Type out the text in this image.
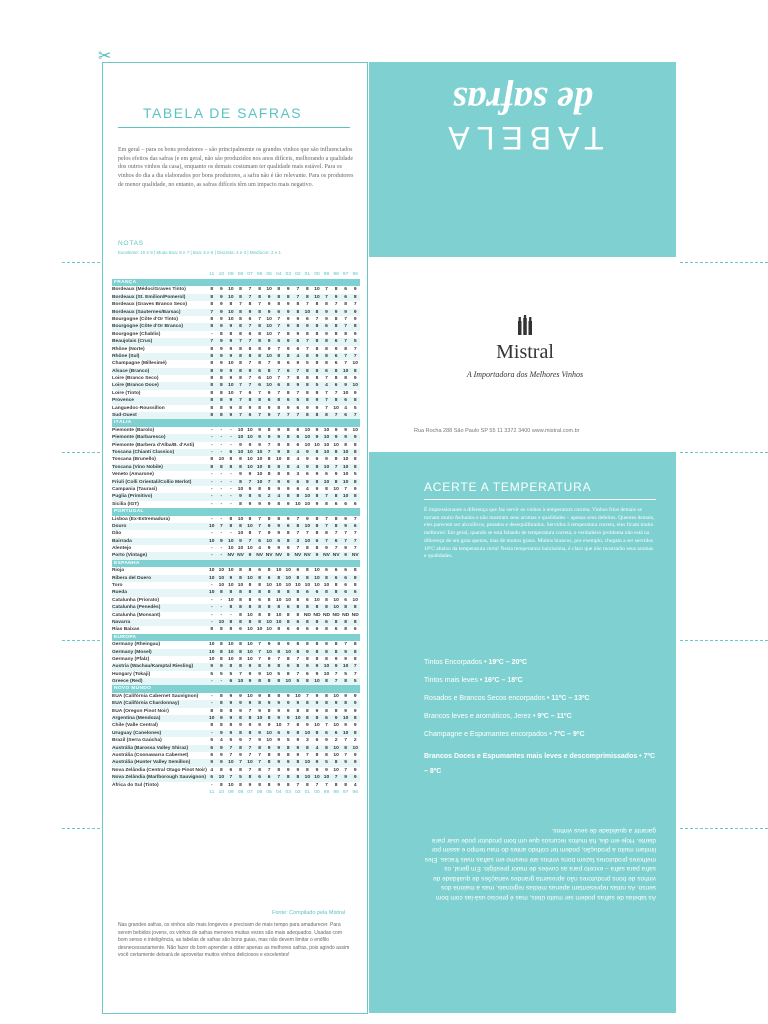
✂
TABELA DE SAFRAS
Em geral – para os bons produtores – são principalmente os grandes vinhos que são influenciados pelos efeitos das safras (e em geral, não são produzidos nos anos difíceis, melhorando a qualidade dos outros vinhos da casa), enquanto os demais costumam ter qualidade mais estável. Para os vinhos do dia a dia elaborados por bons produtores, a safra não é tão relevante. Para os produtores de menor qualidade, no entanto, as safras difíceis têm um impacto mais negativo.
NOTAS
Excelente: 10 e 9 | Muito Boa: 8 e 7 | Boa: 6 e 5 | Discreta: 4 e 3 | Medíocre: 2 e 1
11 10 09 08 07 06 05 04 03 02 01 00 99 98 97 96
FRANÇA
Bordeaux (Médoc/Graves Tinto)	8	9	10	8	7	8	10	8	9	7	8	10	7	8	6	9
Bordeaux (St. Emilion/Pomerol)	8	9	10	8	7	8	9	8	8	7	8	10	7	9	6	8
Bordeaux (Graves Branco Seco)	8	9	8	7	8	7	9	8	9	8	7	8	8	7	8	7
Bordeaux (Sauternes/Barsac)	7	9	10	8	9	8	9	6	9	8	10	8	9	9	9	9
Bourgogne (Côte d'Or Tinto)	8	9	10	8	6	7	10	7	9	9	6	7	9	8	7	9
Bourgogne (Côte d'Or Branco)	8	9	9	8	7	8	10	7	9	8	9	8	6	8	7	8
Bourgogne (Chablis)	-	8	8	8	6	8	10	7	8	9	8	8	9	8	8	9
Beaujolais (Crus)	7	9	9	7	7	8	9	6	9	6	7	8	8	6	7	5
Rhône (Norte)	8	9	9	8	8	8	9	7	9	6	7	8	8	9	8	7
Rhône (Sul)	8	9	9	8	8	8	10	8	8	4	8	9	8	6	7	7
Champagne (Millesimé)	8	9	10	8	7	8	7	8	6	9	5	8	8	6	7	10
Alsace (Branco)	8	9	9	8	9	6	8	7	6	7	8	8	6	8	10	8
Loire (Branco Seco)	8	8	9	8	7	6	10	7	7	8	8	8	7	8	8	9
Loire (Branco Doce)	8	8	10	7	7	6	10	6	8	9	8	5	4	6	9	10
Loire (Tinto)	8	8	10	7	6	7	9	7	8	7	8	8	7	7	10	9
Provence	8	8	9	7	8	8	6	8	6	5	8	9	7	8	6	8
Languedoc-Roussillon	8	8	9	8	9	8	9	8	9	6	9	9	7	10	4	5
Sud-Ouest	8	8	9	7	6	7	9	7	7	7	8	8	8	7	6	7
ITÁLIA
Piemonte (Barolo)	-	-	-	10 10	9	8	9	8	6	10	9	10	9	9	10
Piemonte (Barbaresco)	-	-	-	10 10	9	9	9	8	6	10	9	10	9	9	9
Piemonte (Barbera d'Alba/B. d'Asti)	-	-	-	9	9	9	7	8	8	6	10 10 10 10	8	8
Toscana (Chianti Classico)	-	-	6	10 10 10	7	9	8	4	9	8	10	8	10	8
Toscana (Brunello)	8	10	8	8	10 10	8	10	8	4	9	6	9	8	10	8
Toscana (Vino Nobile)	8	8	8	8	10 10	8	8	8	4	9	8	10	7	10	8
Veneto (Amarone)	-	-	-	9	9	10	8	8	8	3	6	9	6	9	10	5
Friuli (Colli Orientali/Collio Merlot)	-	-	-	8	7	10	7	9	9	6	8	8	10	8	10	8
Campania (Taurasi)	-	-	-	10	9	8	8	9	9	6	4	9	8	10	7	9
Puglia (Primitivo)	-	-	-	9	8	5	2	4	8	8	10	8	7	8	10	8
Sicilia (IGT)	-	-	-	8	9	9	9	8	9	10 10	9	8	6	6	6
PORTUGAL
Lisboa (Ex-Estremadura)	-	-	8	10	8	7	8	8	9	7	9	8	7	8	9	7
Douro	10	7	8	8	10	7	9	9	6	8	10	8	7	8	9	6
Dão	-	-	-	10	8	7	9	9	8	7	7	8	8	7	7	7
Bairrada	10	9	10	9	7	6	10	6	8	3	10	6	7	6	7	7
Alentejo	-	-	10 10 10	4	9	9	9	7	8	8	9	7	9	7
Porto (Vintage)	-	-	NV NV 9 NV NV NV 9 NV NV 9 NV NV 9 NV
ESPANHA
Rioja	10 10 10	8	8	6	8	10 10	6	8	10	6	6	6	8
Ribera del Duero	10 10	9	8	10	8	6	8	10	8	8	10	8	6	6	8
Toro	-	10 10 10	8	8	10 10 10 10 10 10 10	8	6	8
Rueda	10	8	8	8	8	8	8	8	8	8	6	6	8	8	6	6
Catalunha (Priorato)	-	-	10	8	8	6	8	10 10	8	6	10	8	10	6	10
Catalunha (Penedès)	-	-	8	8	8	8	8	8	6	8	8	8	8	10	8	8
Catalunha (Monsant)	-	-	-	8	10	8	8	10	8	8 ND ND ND ND ND ND
Navarra	-	10	8	8	8	8	10 10	8	6	8	8	6	8	8	8
Rías Baixas	8	8	8	6	10 10 10	8	6	6	6	6	8	6	8	6
EUROPA
Germany (Rheingau)	10	8	10	8	10	7	9	8	9	8	8	8	8	8	7	8
Germany (Mosel)	10	8	10	8	10	7	10	8	10	8	9	8	8	8	9	8
Germany (Pfalz)	10	8	10	8	10	7	9	7	8	7	8	8	8	9	9	8
Austria (Wachau/Kamptal Riesling)	9	9	8	8	9	8	9	8	9	8	9	9	10	9	10	7
Hungary (Tokaji)	5	5	5	7	9	9	10	5	8	7	6	9	10	7	5	7
Greece (Red)	-	-	6	10	9	8	8	8	10	5	8	10	8	7	8	5
NOVO MUNDO
EUA (Califórnia Cabernet Sauvignon)	-	8	9	9	10	9	8	8	9	10	7	9	8	10	9	9
EUA (Califórnia Chardonnay)	-	8	9	9	9	8	9	9	9	9	8	9	8	9	8	9
EUA (Oregon Pinot Noir)	8	8	8	9	7	9	8	9	9	8	8	9	8	8	9	9
Argentina (Mendoza)	10	9	9	8	8	10	8	9	9	10	8	8	6	9	10	8
Chile (Valle Central)	8	8	8	9	9	9	9	10	7	8	9	10	7	10	9	9
Uruguay (Canelones)	-	9	9	8	8	9	10	6	9	8	10	8	6	6	10	8
Brazil (Serra Gaúcha)	5	4	5	9	7	9	10	9	5	9	3	6	9	2	7	2
Austrália (Barossa Valley Shiraz)	6	9	7	8	7	8	9	9	8	9	8	4	8	10	8	10
Austrália (Coonawarra Cabernet)	6	9	7	9	7	7	8	8	8	9	7	8	8	10	7	9
Austrália (Hunter Valley Semillon)	9	9	10	7	10	7	8	9	9	8	10	9	5	8	9	9
Nova Zelândia (Central Otago Pinot Noir) 4	8	6	8	7	8	7	8	9	9	8	9	9	10	7	9
Nova Zelândia (Marlborough Sauvignon) 6	10	7	5	8	6	6	7	8	8	10 10 10	7	9	9
África do Sul (Tinto)	-	8	10	8	9	8	8	9	8	7	8	7	7	8	8	4
11 10 09 08 07 06 05 04 03 02 01 00 99 98 97 96
Fonte: Compilado pela Mistral
Nas grandes safras, os vinhos são mais longevos e precisam de mais tempo para amadurecer. Para serem bebidos jovens, os vinhos de safras menores muitas vezes são mais adequados. Usadas com bom senso e inteligência, as tabelas de safras são bons guias, mas não devem limitar o enófilo desnecessariamente. Não fazer do bom aprender a obter apenas as melhores safras, pois agindo assim você certamente deixará de aproveitar muitos vinhos deliciosos e excelentes!
TABELA
de safras
Mistral
A Importadora dos Melhores Vinhos
Rua Rocha 288 São Paulo SP 55 11 3372 3400 www.mistral.com.br
ACERTE A TEMPERATURA
É impressionante a diferença que faz servir os vinhos à temperatura correta. Vinhos frios demais se tornam muito fechados e não mostram seus aromas e qualidades – apenas seus defeitos. Quentes demais, eles parecem ser alcoólicos, pesados e desequilibrados. Servidos à temperatura correta, eles ficam muito melhores! Em geral, quando se está falando de temperatura correta, o verdadeiro problema não está na diferença de um grau apenas, mas de muitos graus. Muitos brancos, por exemplo, chegam a ser servidos 10ºC abaixo da temperatura certa! Nesta temperatura baixíssima, é claro que não mostrarão seus aromas e qualidades.
Tintos Encorpados • 19ºC – 20ºC
Tintos mais leves • 16ºC – 18ºC
Rosados e Brancos Secos encorpados • 11ºC – 13ºC
Brancos leves e aromáticos, Jerez • 9ºC – 11ºC
Champagne e Espumantes encorpados • 7ºC – 9ºC
Brancos Doces e Espumantes mais leves e descomprimissados • 7ºC – 8ºC
As tabelas de safras podem ser muito úteis, mas é preciso usá-las com bom senso. As notas representam apenas médias regionais, mas a maioria dos vinhos de bons produtores não apresenta grandes variações de qualidade de safra para safra – exceto para as cuvées de maior prestígio. Em geral, os melhores produtores fazem bons vinhos até mesmo em safras mais fracas. Eles limitam muito a produção, podem ter colhido antes do mau tempo e assim por diante. Hoje em dia, há muitos recursos que um bom produtor pode usar para garantir a qualidade de seus vinhos.
